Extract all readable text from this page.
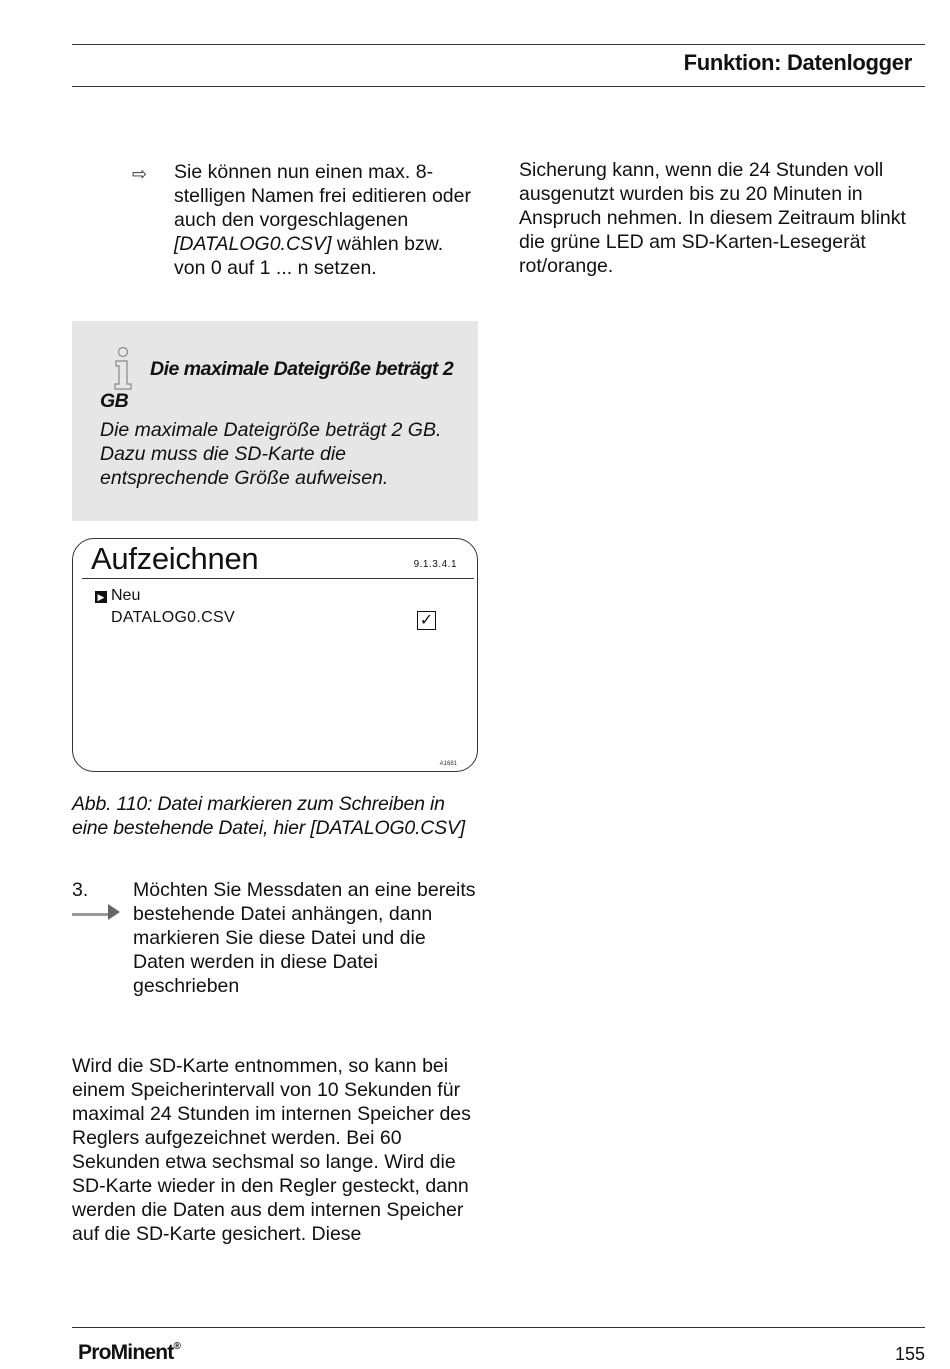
Funktion: Datenlogger
⇨ Sie können nun einen max. 8-stelligen Namen frei editieren oder auch den vorgeschlagenen [DATALOG0.CSV] wählen bzw. von 0 auf 1 ... n setzen.

Die maximale Dateigröße beträgt 2 GB
Die maximale Dateigröße beträgt 2 GB. Dazu muss die SD-Karte die entsprechende Größe aufweisen.
Aufzeichnen	9.1.3.4.1
▶ Neu
DATALOG0.CSV	✓
A1681
Abb. 110: Datei markieren zum Schreiben in eine bestehende Datei, hier [DATALOG0.CSV]
3. Möchten Sie Messdaten an eine bereits bestehende Datei anhängen, dann markieren Sie diese Datei und die Daten werden in diese Datei geschrieben

Wird die SD-Karte entnommen, so kann bei einem Speicherintervall von 10 Sekunden für maximal 24 Stunden im internen Speicher des Reglers aufgezeichnet werden. Bei 60 Sekunden etwa sechsmal so lange. Wird die SD-Karte wieder in den Regler gesteckt, dann werden die Daten aus dem internen Speicher auf die SD-Karte gesichert. Diese

Sicherung kann, wenn die 24 Stunden voll ausgenutzt wurden bis zu 20 Minuten in Anspruch nehmen. In diesem Zeitraum blinkt die grüne LED am SD-Karten-Lesegerät rot/orange.

ProMinent®	155
